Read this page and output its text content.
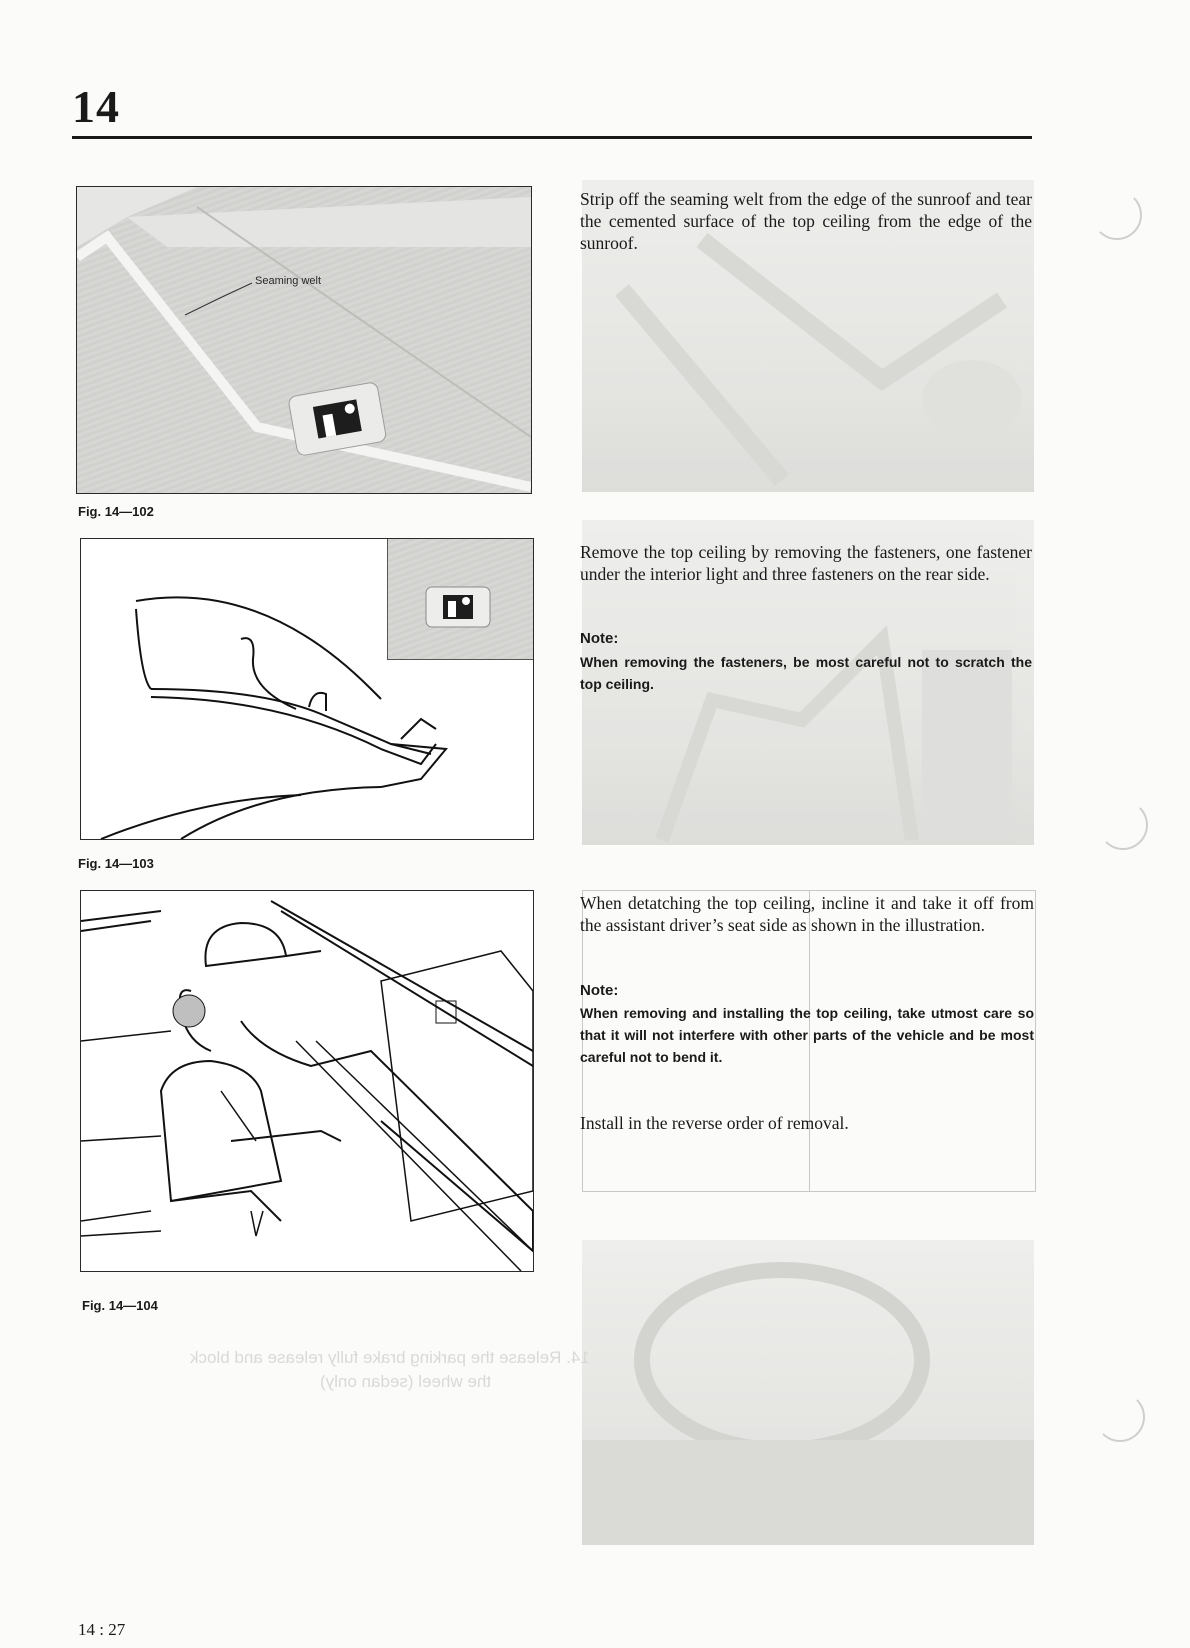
14
Seaming welt
Fig. 14—102
Fig. 14—103
Fig. 14—104
14. Release the parking brake fully release and block
the wheel (sedan only)
Strip off the seaming welt from the edge of the sunroof and tear the cemented surface of the top ceiling from the edge of the sunroof.
Remove the top ceiling by removing the fasteners, one fastener under the interior light and three fasteners on the rear side.
Note:
When removing the fasteners, be most careful not to scratch the top ceiling.
When detatching the top ceiling, incline it and take it off from the assistant driver’s seat side as shown in the illustration.
Note:
When removing and installing the top ceiling, take utmost care so that it will not interfere with other parts of the vehicle and be most careful not to bend it.
Install in the reverse order of removal.
14 : 27
